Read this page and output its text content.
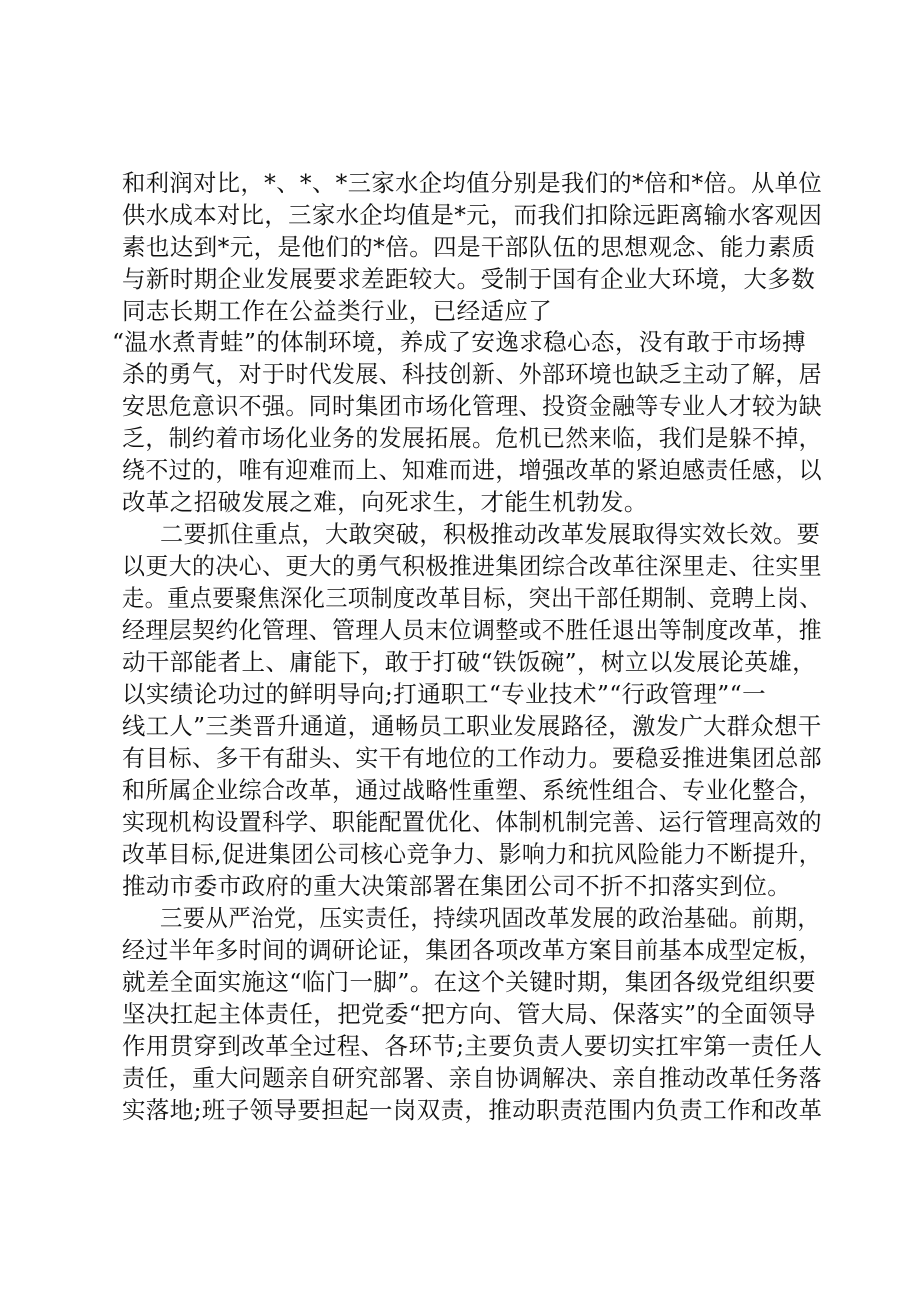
和利润对比，*、*、*三家水企均值分别是我们的*倍和*倍。从单位
供水成本对比，三家水企均值是*元，而我们扣除远距离输水客观因
素也达到*元，是他们的*倍。四是干部队伍的思想观念、能力素质
与新时期企业发展要求差距较大。受制于国有企业大环境，大多数
同志长期工作在公益类行业，已经适应了
“温水煮青蛙”的体制环境，养成了安逸求稳心态，没有敢于市场搏
杀的勇气，对于时代发展、科技创新、外部环境也缺乏主动了解，居
安思危意识不强。同时集团市场化管理、投资金融等专业人才较为缺
乏，制约着市场化业务的发展拓展。危机已然来临，我们是躲不掉，
绕不过的，唯有迎难而上、知难而进，增强改革的紧迫感责任感，以
改革之招破发展之难，向死求生，才能生机勃发。
二要抓住重点，大敢突破，积极推动改革发展取得实效长效。要
以更大的决心、更大的勇气积极推进集团综合改革往深里走、往实里
走。重点要聚焦深化三项制度改革目标，突出干部任期制、竞聘上岗、
经理层契约化管理、管理人员末位调整或不胜任退出等制度改革，推
动干部能者上、庸能下，敢于打破“铁饭碗”，树立以发展论英雄，
以实绩论功过的鲜明导向;打通职工“专业技术”“行政管理”“一
线工人”三类晋升通道，通畅员工职业发展路径，激发广大群众想干
有目标、多干有甜头、实干有地位的工作动力。要稳妥推进集团总部
和所属企业综合改革，通过战略性重塑、系统性组合、专业化整合，
实现机构设置科学、职能配置优化、体制机制完善、运行管理高效的
改革目标,促进集团公司核心竞争力、影响力和抗风险能力不断提升，
推动市委市政府的重大决策部署在集团公司不折不扣落实到位。
三要从严治党，压实责任，持续巩固改革发展的政治基础。前期，
经过半年多时间的调研论证，集团各项改革方案目前基本成型定板，
就差全面实施这“临门一脚”。在这个关键时期，集团各级党组织要
坚决扛起主体责任，把党委“把方向、管大局、保落实”的全面领导
作用贯穿到改革全过程、各环节;主要负责人要切实扛牢第一责任人
责任，重大问题亲自研究部署、亲自协调解决、亲自推动改革任务落
实落地;班子领导要担起一岗双责，推动职责范围内负责工作和改革
